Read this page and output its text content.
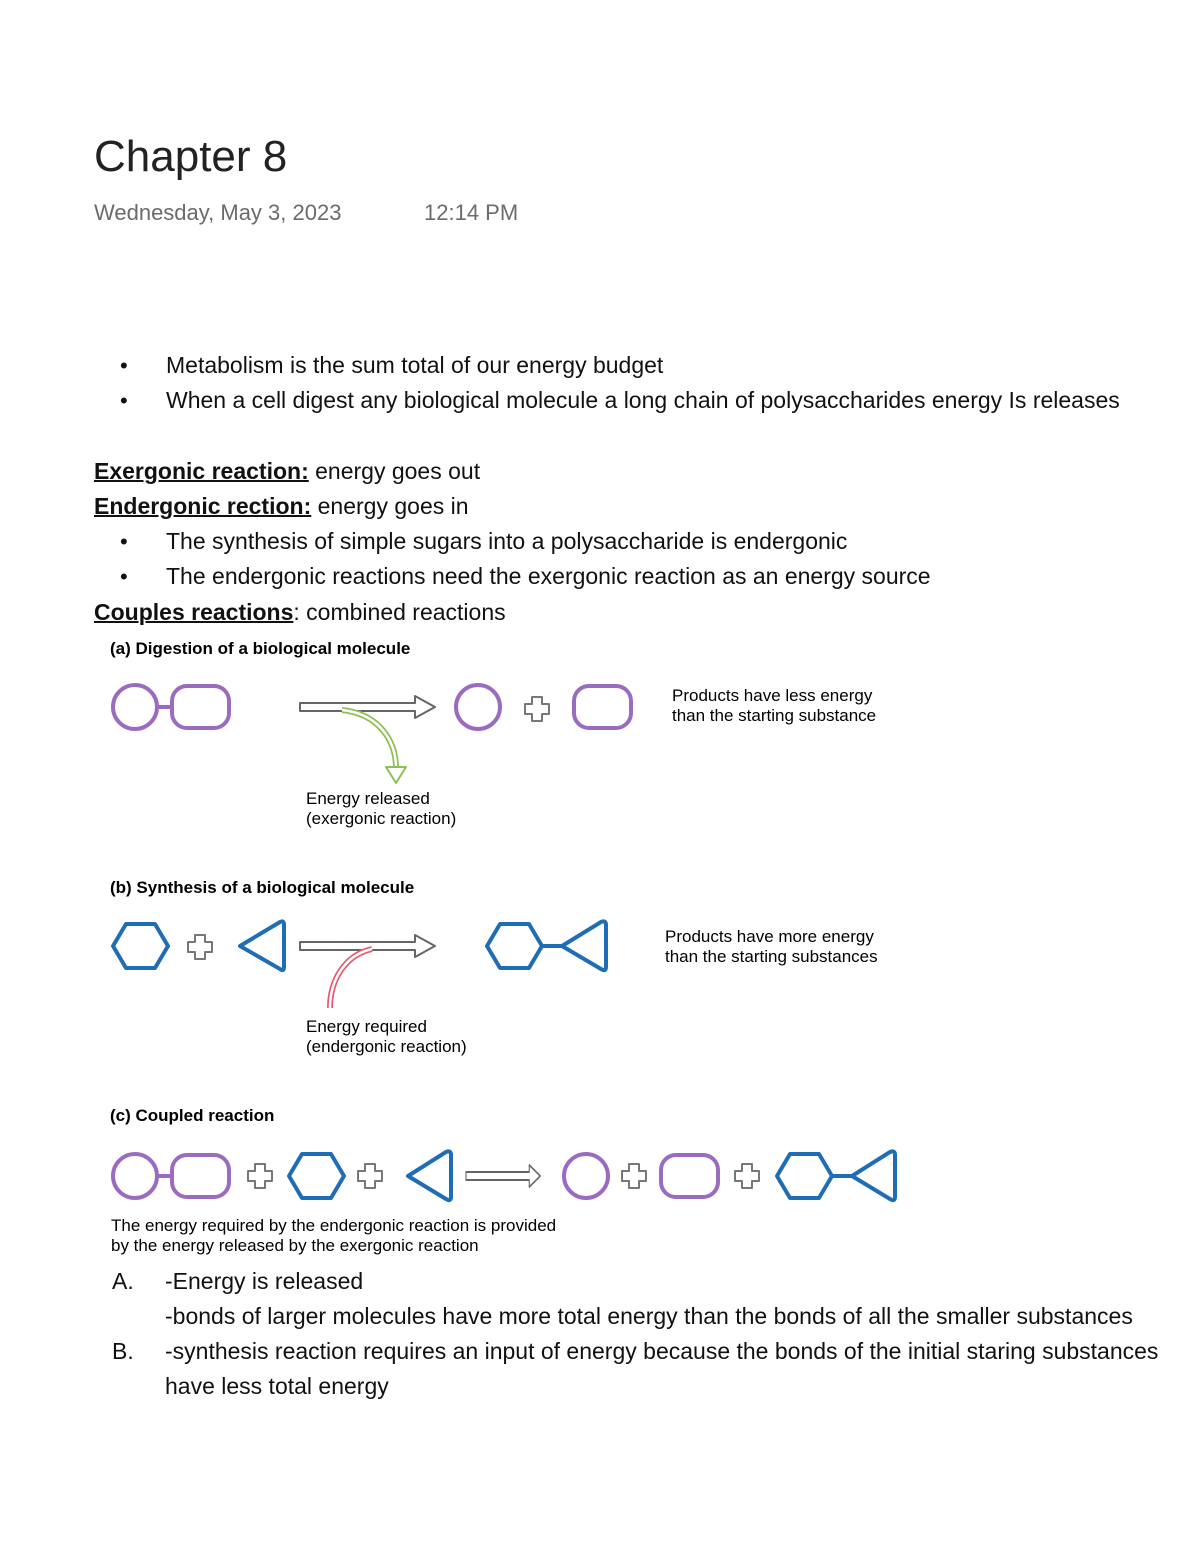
Chapter 8
Wednesday, May 3, 2023	12:14 PM
• Metabolism is the sum total of our energy budget
• When a cell digest any biological molecule a long chain of polysaccharides energy Is releases
Exergonic reaction: energy goes out
Endergonic rection: energy goes in
• The synthesis of simple sugars into a polysaccharide is endergonic
• The endergonic reactions need the exergonic reaction as an energy source
Couples reactions: combined reactions
(a) Digestion of a biological molecule
Products have less energy
than the starting substance
Energy released
(exergonic reaction)
(b) Synthesis of a biological molecule
Products have more energy
than the starting substances
Energy required
(endergonic reaction)
(c) Coupled reaction
The energy required by the endergonic reaction is provided
by the energy released by the exergonic reaction
A. -Energy is released
-bonds of larger molecules have more total energy than the bonds of all the smaller substances
B. -synthesis reaction requires an input of energy because the bonds of the initial staring substances have less total energy
